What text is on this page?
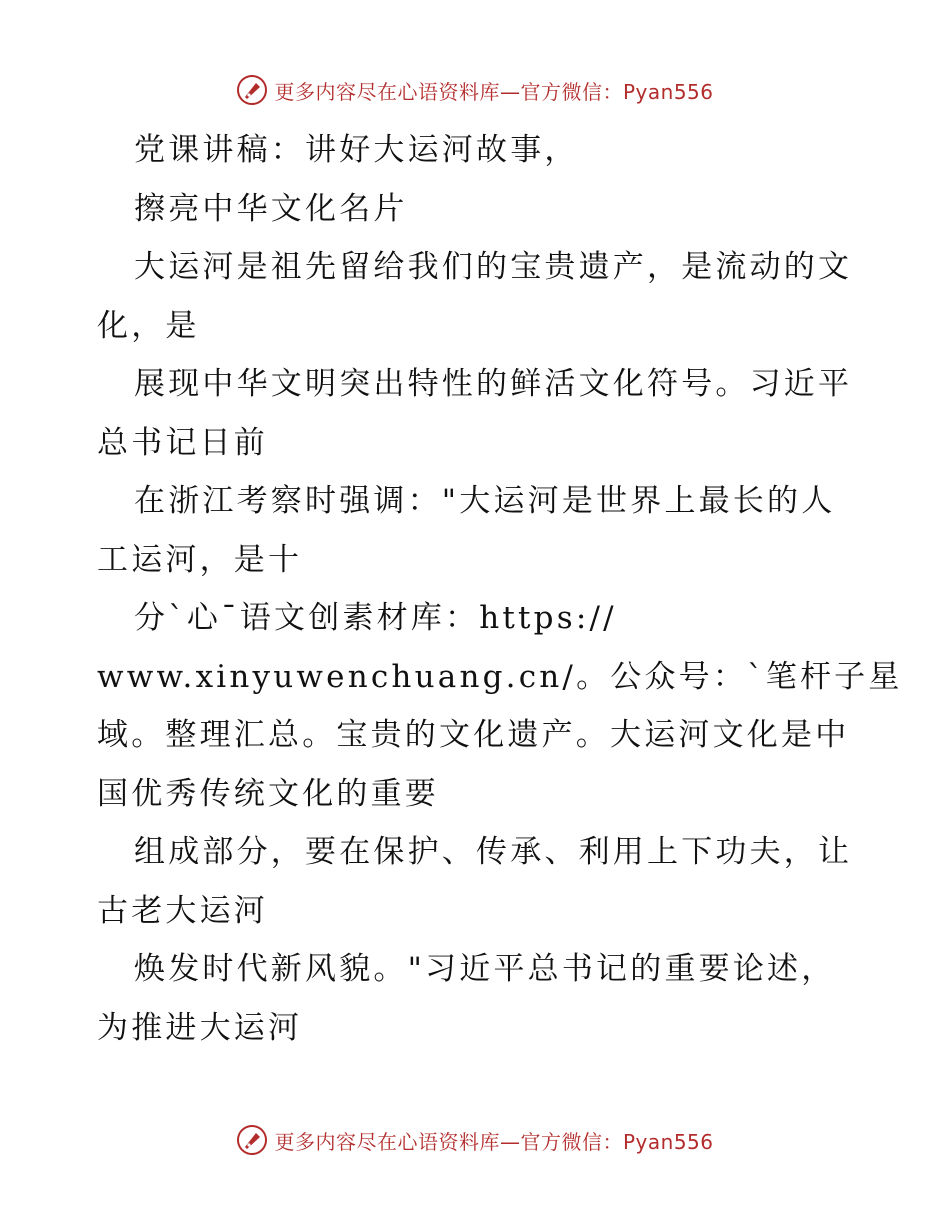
更多内容尽在心语资料库—官方微信：Pyan556
党课讲稿：讲好大运河故事，
擦亮中华文化名片
大运河是祖先留给我们的宝贵遗产，是流动的文
化，是
展现中华文明突出特性的鲜活文化符号。习近平
总书记日前
在浙江考察时强调："大运河是世界上最长的人
工运河，是十
分`心¯语文创素材库：https://
www.xinyuwenchuang.cn/。公众号：`笔杆子星
域。整理汇总。宝贵的文化遗产。大运河文化是中
国优秀传统文化的重要
组成部分，要在保护、传承、利用上下功夫，让
古老大运河
焕发时代新风貌。"习近平总书记的重要论述，
为推进大运河
更多内容尽在心语资料库—官方微信：Pyan556
